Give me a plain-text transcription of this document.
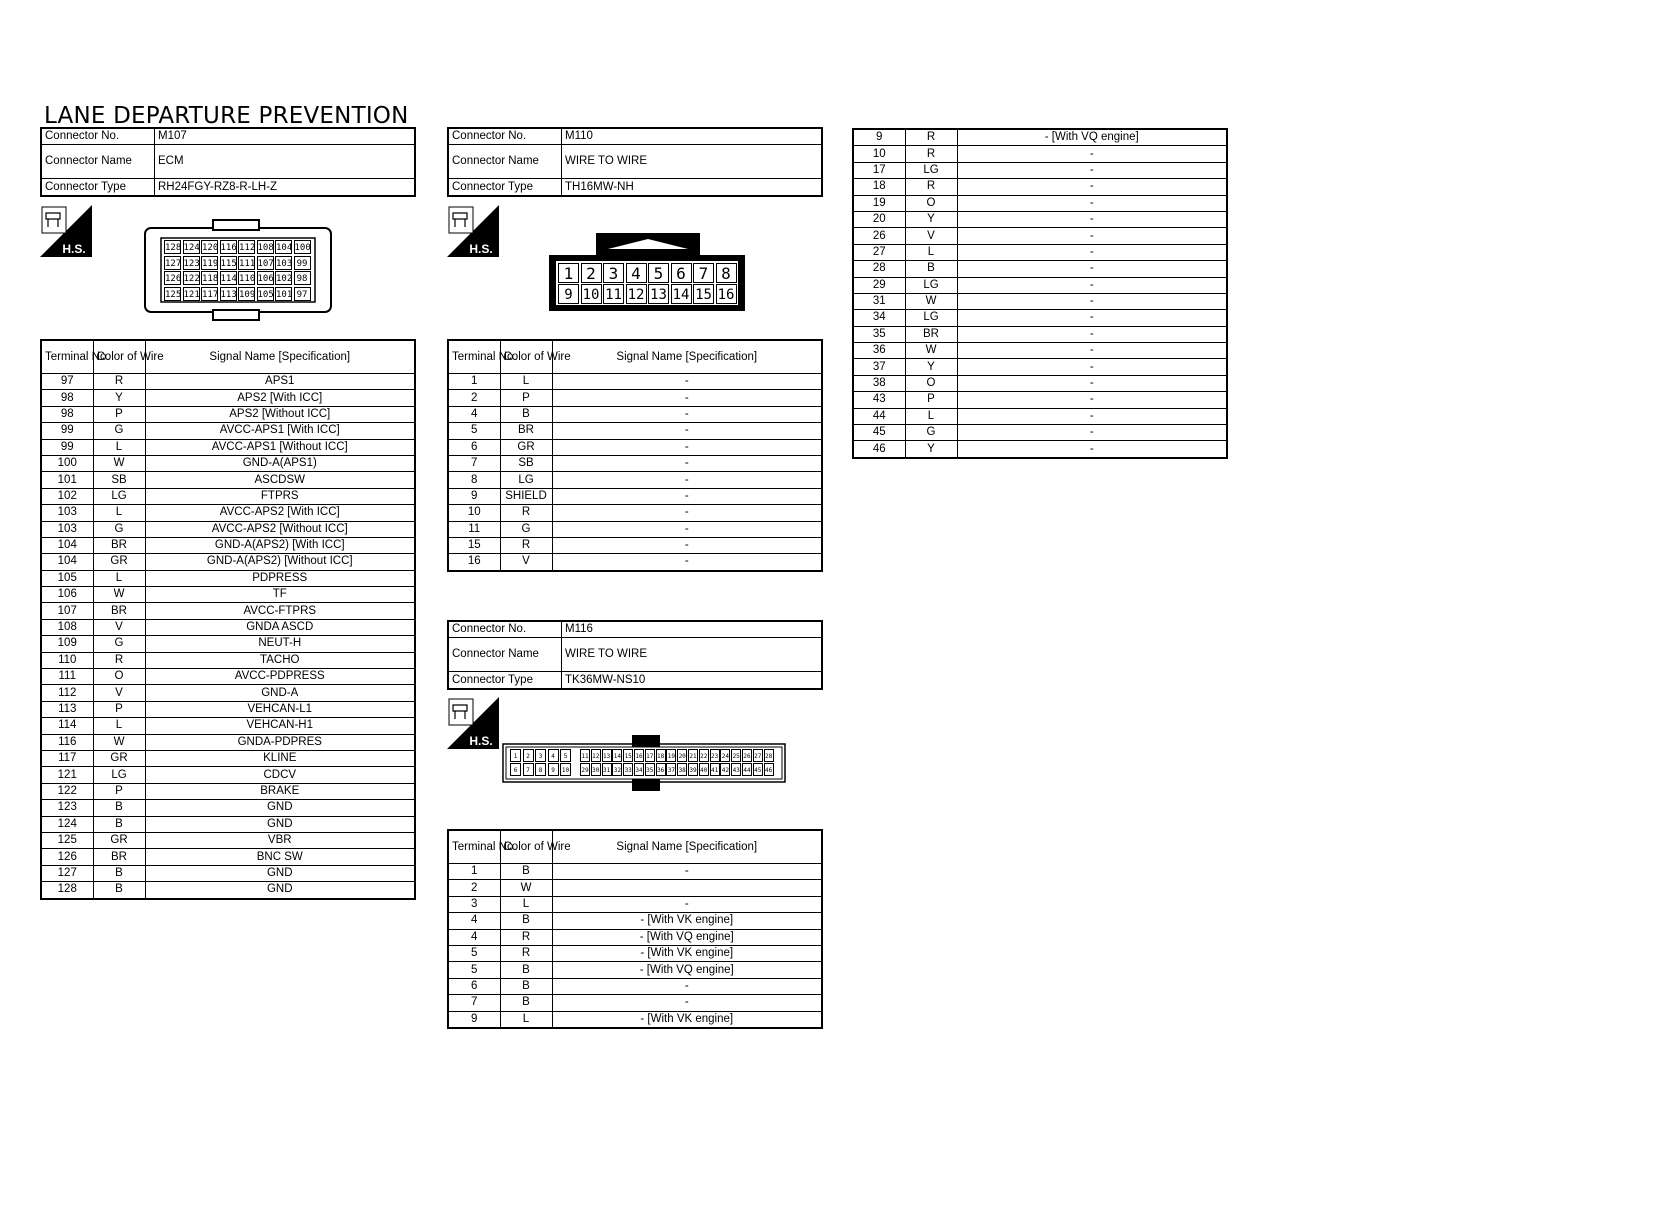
LANE DEPARTURE PREVENTION
Connector No.	M107
Connector Name	ECM
Connector Type	RH24FGY-RZ8-R-LH-Z
H.S.	128 124 120 116 112 108 104 100
127 123 119 115 111 107 103 99
126 122 118 114 110 106 102 98
125 121 117 113 109 105 101 97
Terminal No.	Color of Wire	Signal Name [Specification]
97	R	APS1
98	Y	APS2 [With ICC]
98	P	APS2 [Without ICC]
99	G	AVCC-APS1 [With ICC]
99	L	AVCC-APS1 [Without ICC]
100	W	GND-A(APS1)
101	SB	ASCDSW
102	LG	FTPRS
103	L	AVCC-APS2 [With ICC]
103	G	AVCC-APS2 [Without ICC]
104	BR	GND-A(APS2) [With ICC]
104	GR	GND-A(APS2) [Without ICC]
105	L	PDPRESS
106	W	TF
107	BR	AVCC-FTPRS
108	V	GNDA ASCD
109	G	NEUT-H
110	R	TACHO
111	O	AVCC-PDPRESS
112	V	GND-A
113	P	VEHCAN-L1
114	L	VEHCAN-H1
116	W	GNDA-PDPRES
117	GR	KLINE
121	LG	CDCV
122	P	BRAKE
123	B	GND
124	B	GND
125	GR	VBR
126	BR	BNC SW
127	B	GND
128	B	GND
Connector No.	M110
Connector Name	WIRE TO WIRE
Connector Type	TH16MW-NH
H.S.
1
9
2
10
3
11
4
12
5
13
6
14
7
15
8
16
Terminal No.	Color of Wire	Signal Name [Specification]
1	L	-
2	P	-
4	B	-
5	BR	-
6	GR	-
7	SB	-
8	LG	-
9	SHIELD	-
10	R	-
11	G	-
15	R	-
16	V	-
Connector No.	M116
Connector Name	WIRE TO WIRE
Connector Type	TK36MW-NS10
H.S.
1
6
2
7
3
8
4
9
5
10
11
29
12
30
13
31
14
32
15
33
16
34
17
35
18
36
19
37
20
38
21
39
22
40
23
41
24
42
25
43
26
44
27
45
28
46
Terminal No.	Color of Wire	Signal Name [Specification]
1	B	-
2	W	
3	L	-
4	B	- [With VK engine]
4	R	- [With VQ engine]
5	R	- [With VK engine]
5	B	- [With VQ engine]
6	B	-
7	B	-
9	L	- [With VK engine]
9	R	- [With VQ engine]
10	R	-
17	LG	-
18	R	-
19	O	-
20	Y	-
26	V	-
27	L	-
28	B	-
29	LG	-
31	W	-
34	LG	-
35	BR	-
36	W	-
37	Y	-
38	O	-
43	P	-
44	L	-
45	G	-
46	Y	-
